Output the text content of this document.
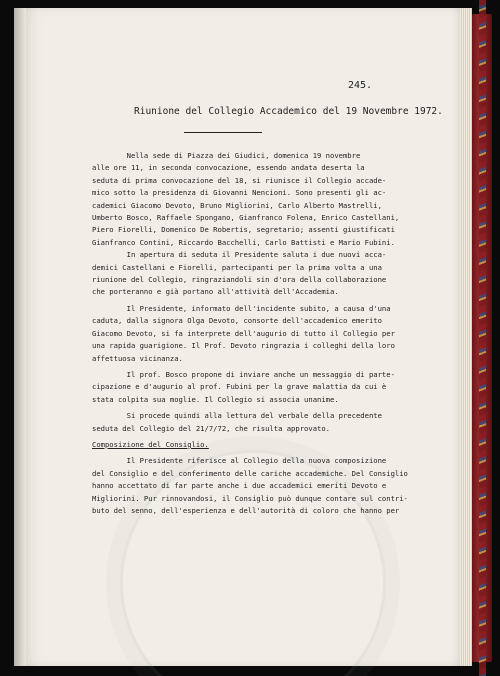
245.
Riunione del Collegio Accademico del 19 Novembre 1972.

Nella sede di Piazza dei Giudici, domenica 19 novembre

alle ore 11, in seconda convocazione, essendo andata deserta la

seduta di prima convocazione del 18, si riunisce il Collegio accade-

mico sotto la presidenza di Giovanni Nencioni. Sono presenti gli ac-

cademici Giacomo Devoto, Bruno Migliorini, Carlo Alberto Mastrelli,

Umberto Bosco, Raffaele Spongano, Gianfranco Folena, Enrico Castellani,

Piero Fiorelli, Domenico De Robertis, segretario; assenti giustificati

Gianfranco Contini, Riccardo Bacchelli, Carlo Battisti e Mario Fubini.

In apertura di seduta il Presidente saluta i due nuovi acca-

demici Castellani e Fiorelli, partecipanti per la prima volta a una

riunione del Collegio, ringraziandoli sin d'ora della collaborazione

che porteranno e già portano all'attività dell'Accademia.

Il Presidente, informato dell'incidente subito, a causa d'una

caduta, dalla signora Olga Devoto, consorte dell'accademico emerito

Giacomo Devoto, si fa interprete dell'augurio di tutto il Collegio per

una rapida guarigione. Il Prof. Devoto ringrazia i colleghi della loro

affettuosa vicinanza.

Il prof. Bosco propone di inviare anche un messaggio di parte-

cipazione e d'augurio al prof. Fubini per la grave malattia da cui è

stata colpita sua moglie. Il Collegio si associa unanime.

Si procede quindi alla lettura del verbale della precedente

seduta del Collegio del 21/7/72, che risulta approvato.

Composizione del Consiglio.

Il Presidente riferisce al Collegio della nuova composizione

del Consiglio e del conferimento delle cariche accademiche. Del Consiglio

hanno accettato di far parte anche i due accademici emeriti Devoto e

Migliorini. Pur rinnovandosi, il Consiglio può dunque contare sul contri-

buto del senno, dell'esperienza e dell'autorità di coloro che hanno per
